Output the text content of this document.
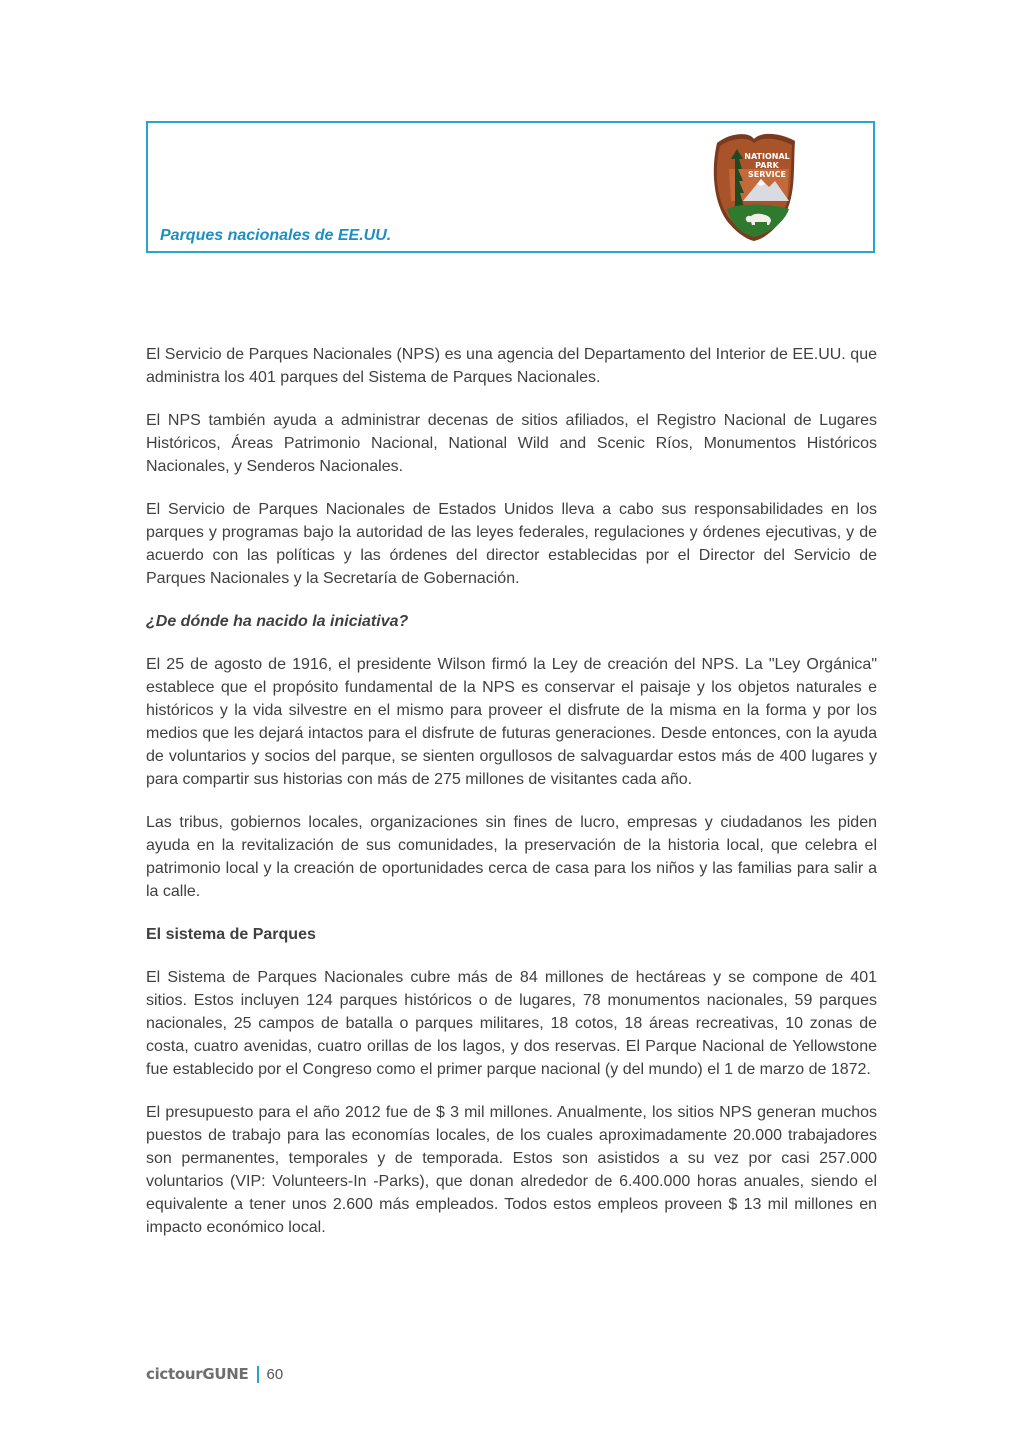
Parques nacionales de EE.UU.

NATIONAL
PARK
SERVICE

El Servicio de Parques Nacionales (NPS) es una agencia del Departamento del Interior de EE.UU. que administra los 401 parques del Sistema de Parques Nacionales.

El NPS también ayuda a administrar decenas de sitios afiliados, el Registro Nacional de Lugares Históricos, Áreas Patrimonio Nacional, National Wild and Scenic Ríos, Monumentos Históricos Nacionales, y Senderos Nacionales.

El Servicio de Parques Nacionales de Estados Unidos lleva a cabo sus responsabilidades en los parques y programas bajo la autoridad de las leyes federales, regulaciones y órdenes ejecutivas, y de acuerdo con las políticas y las órdenes del director establecidas por el Director del Servicio de Parques Nacionales y la Secretaría de Gobernación.

¿De dónde ha nacido la iniciativa?

El 25 de agosto de 1916, el presidente Wilson firmó la Ley de creación del NPS. La "Ley Orgánica" establece que el propósito fundamental de la NPS es conservar el paisaje y los objetos naturales e históricos y la vida silvestre en el mismo para proveer el disfrute de la misma en la forma y por los medios que les dejará intactos para el disfrute de futuras generaciones. Desde entonces, con la ayuda de voluntarios y socios del parque, se sienten orgullosos de salvaguardar estos más de 400 lugares y para compartir sus historias con más de 275 millones de visitantes cada año.

Las tribus, gobiernos locales, organizaciones sin fines de lucro, empresas y ciudadanos les piden ayuda en la revitalización de sus comunidades, la preservación de la historia local, que celebra el patrimonio local y la creación de oportunidades cerca de casa para los niños y las familias para salir a la calle.

El sistema de Parques

El Sistema de Parques Nacionales cubre más de 84 millones de hectáreas y se compone de 401 sitios. Estos incluyen 124 parques históricos o de lugares, 78 monumentos nacionales, 59 parques nacionales, 25 campos de batalla o parques militares, 18 cotos, 18 áreas recreativas, 10 zonas de costa, cuatro avenidas, cuatro orillas de los lagos, y dos reservas. El Parque Nacional de Yellowstone fue establecido por el Congreso como el primer parque nacional (y del mundo) el 1 de marzo de 1872.

El presupuesto para el año 2012 fue de $ 3 mil millones. Anualmente, los sitios NPS generan muchos puestos de trabajo para las economías locales, de los cuales aproximadamente 20.000 trabajadores son permanentes, temporales y de temporada. Estos son asistidos a su vez por casi 257.000 voluntarios (VIP: Volunteers-In -Parks), que donan alrededor de 6.400.000 horas anuales, siendo el equivalente a tener unos 2.600 más empleados. Todos estos empleos proveen $ 13 mil millones en impacto económico local.

cictourGUNE 60
